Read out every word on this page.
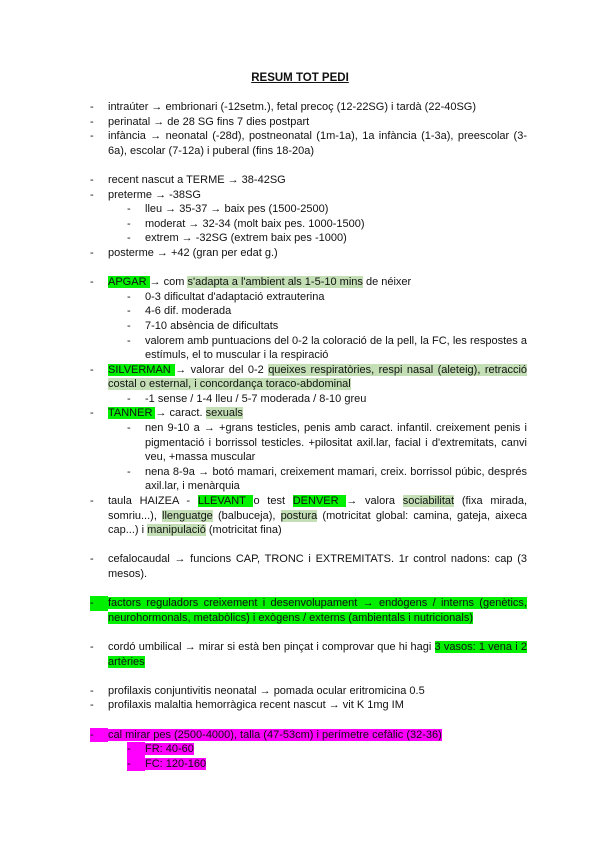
RESUM TOT PEDI
- intraúter → embrionari (-12setm.), fetal precoç (12-22SG) i tardà (22-40SG)
- perinatal → de 28 SG fins 7 dies postpart
- infància → neonatal (-28d), postneonatal (1m-1a), 1a infància (1-3a), preescolar (3-6a), escolar (7-12a) i puberal (fins 18-20a)
- recent nascut a TERME → 38-42SG
- preterme → -38SG
- lleu → 35-37 → baix pes (1500-2500)
- moderat → 32-34 (molt baix pes. 1000-1500)
- extrem → -32SG (extrem baix pes -1000)
- posterme → +42 (gran per edat g.)
- APGAR → com s'adapta a l'ambient als 1-5-10 mins de néixer
- 0-3 dificultat d'adaptació extrauterina
- 4-6 dif. moderada
- 7-10 absència de dificultats
- valorem amb puntuacions del 0-2 la coloració de la pell, la FC, les respostes a estímuls, el to muscular i la respiració
- SILVERMAN → valorar del 0-2 queixes respiratòries, respi nasal (aleteig), retracció costal o esternal, i concordança toraco-abdominal
- -1 sense / 1-4 lleu / 5-7 moderada / 8-10 greu
- TANNER → caract. sexuals
- nen 9-10 a → +grans testicles, penis amb caract. infantil. creixement penis i pigmentació i borrissol testicles. +pilositat axil.lar, facial i d'extremitats, canvi veu, +massa muscular
- nena 8-9a → botó mamari, creixement mamari, creix. borrissol púbic, després axil.lar, i menàrquia
- taula HAIZEA - LLEVANT o test DENVER → valora sociabilitat (fixa mirada, somriu...), llenguatge (balbuceja), postura (motricitat global: camina, gateja, aixeca cap...) i manipulació (motricitat fina)
- cefalocaudal → funcions CAP, TRONC i EXTREMITATS. 1r control nadons: cap (3 mesos).
-	factors reguladors creixement i desenvolupament → endògens / interns (genètics, neurohormonals, metabòlics) i exògens / externs (ambientals i nutricionals)
- cordó umbilical → mirar si està ben pinçat i comprovar que hi hagi 3 vasos: 1 vena i 2 artèries
- profilaxis conjuntivitis neonatal → pomada ocular eritromicina 0.5
- profilaxis malaltia hemorràgica recent nascut → vit K 1mg IM
-	cal mirar pes (2500-4000), talla (47-53cm) i perímetre cefàlic (32-36)
-	FR: 40-60
-	FC: 120-160
